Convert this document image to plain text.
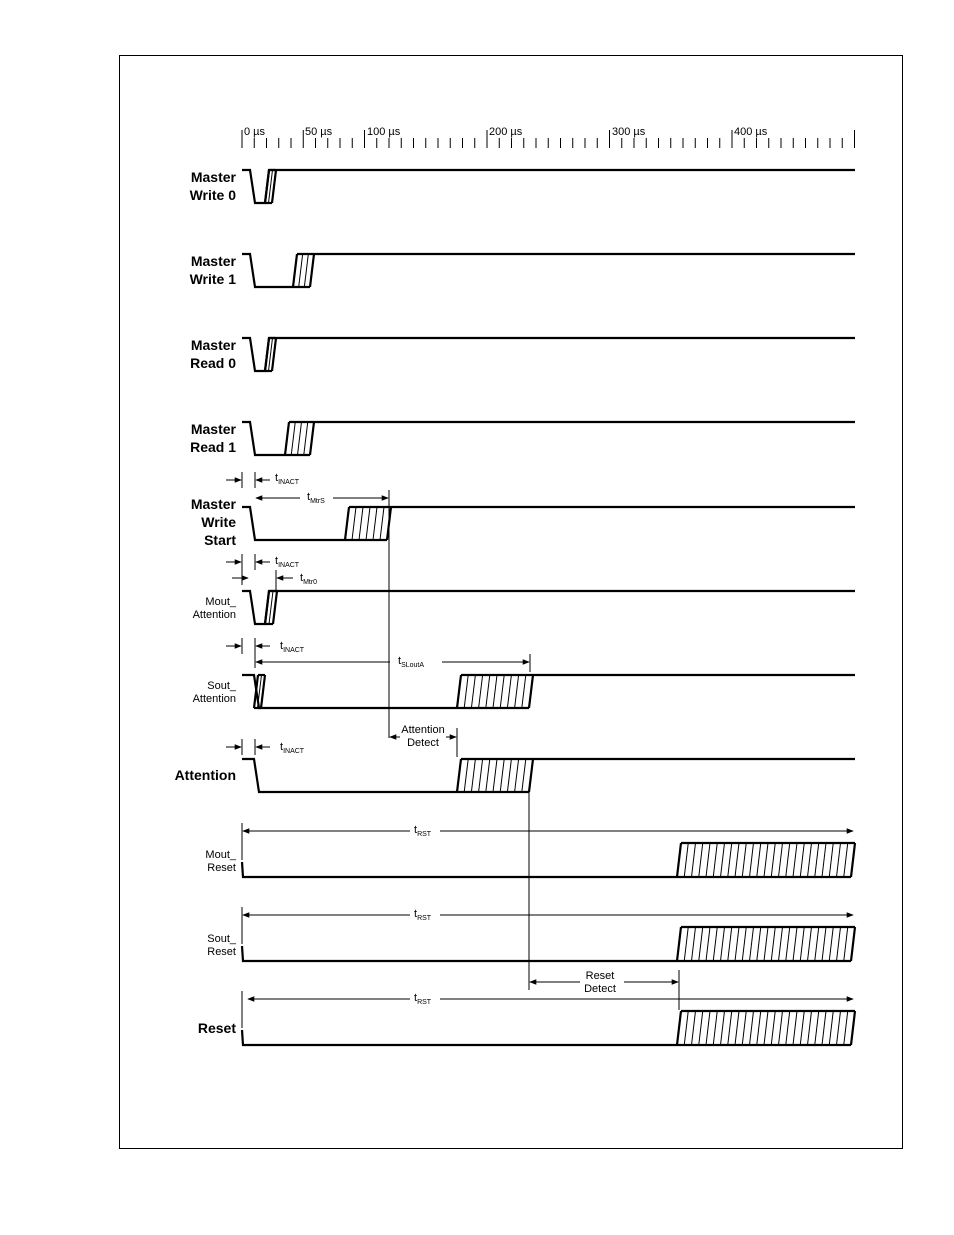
0 µs	50 µs	100 µs	200 µs	300 µs	400 µs
Master
Write 0
Master
Write 1
Master
Read 0
Master
Read 1
Master
Write
Start
Mout_
Attention
Sout_
Attention
Attention
Mout_
Reset
Sout_
Reset
Reset
$t_{INACT}$
$t_{MtrS}$
$t_{INACT}$
$t_{Mtr0}$
$t_{INACT}$
$t_{SLoutA}$
Attention
Detect
$t_{INACT}$
$t_{RST}$
$t_{RST}$
Reset
Detect
$t_{RST}$
